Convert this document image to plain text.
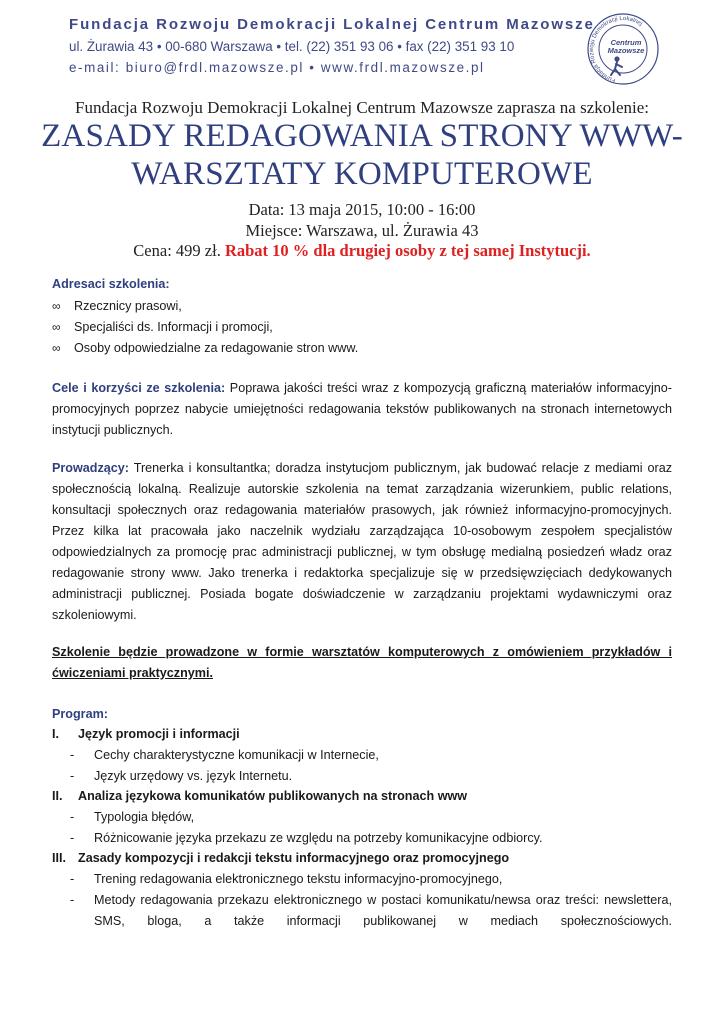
Fundacja Rozwoju Demokracji Lokalnej Centrum Mazowsze
ul. Żurawia 43 • 00-680 Warszawa • tel. (22) 351 93 06 • fax (22) 351 93 10
e-mail: biuro@frdl.mazowsze.pl • www.frdl.mazowsze.pl
Fundacja Rozwoju Demokracji Lokalnej
Centrum
Mazowsze
Fundacja Rozwoju Demokracji Lokalnej Centrum Mazowsze zaprasza na szkolenie:
ZASADY REDAGOWANIA STRONY WWW-
WARSZTATY KOMPUTEROWE
Data: 13 maja 2015, 10:00 - 16:00
Miejsce: Warszawa, ul. Żurawia 43
Cena: 499 zł. Rabat 10 % dla drugiej osoby z tej samej Instytucji.
Adresaci szkolenia:
∞	Rzecznicy prasowi,
∞	Specjaliści ds. Informacji i promocji,
∞	Osoby odpowiedzialne za redagowanie stron www.
Cele i korzyści ze szkolenia: Poprawa jakości treści wraz z kompozycją graficzną materiałów informacyjno-promocyjnych poprzez nabycie umiejętności redagowania tekstów publikowanych na stronach internetowych instytucji publicznych.
Prowadzący: Trenerka i konsultantka; doradza instytucjom publicznym, jak budować relacje z mediami oraz społecznością lokalną. Realizuje autorskie szkolenia na temat zarządzania wizerunkiem, public relations, konsultacji społecznych oraz redagowania materiałów prasowych, jak również informacyjno-promocyjnych. Przez kilka lat pracowała jako naczelnik wydziału zarządzająca 10-osobowym zespołem specjalistów odpowiedzialnych za promocję prac administracji publicznej, w tym obsługę medialną posiedzeń władz oraz redagowanie strony www. Jako trenerka i redaktorka specjalizuje się w przedsięwzięciach dedykowanych administracji publicznej. Posiada bogate doświadczenie w zarządzaniu projektami wydawniczymi oraz szkoleniowymi.
Szkolenie będzie prowadzone w formie warsztatów komputerowych z omówieniem przykładów i ćwiczeniami praktycznymi.
Program:
I. Język promocji i informacji
- Cechy charakterystyczne komunikacji w Internecie,
- Język urzędowy vs. język Internetu.
II. Analiza językowa komunikatów publikowanych na stronach www
- Typologia błędów,
- Różnicowanie języka przekazu ze względu na potrzeby komunikacyjne odbiorcy.
III. Zasady kompozycji i redakcji tekstu informacyjnego oraz promocyjnego
- Trening redagowania elektronicznego tekstu informacyjno-promocyjnego,
- Metody redagowania przekazu elektronicznego w postaci komunikatu/newsa oraz treści: newslettera, SMS, bloga, a także informacji publikowanej w mediach społecznościowych.
